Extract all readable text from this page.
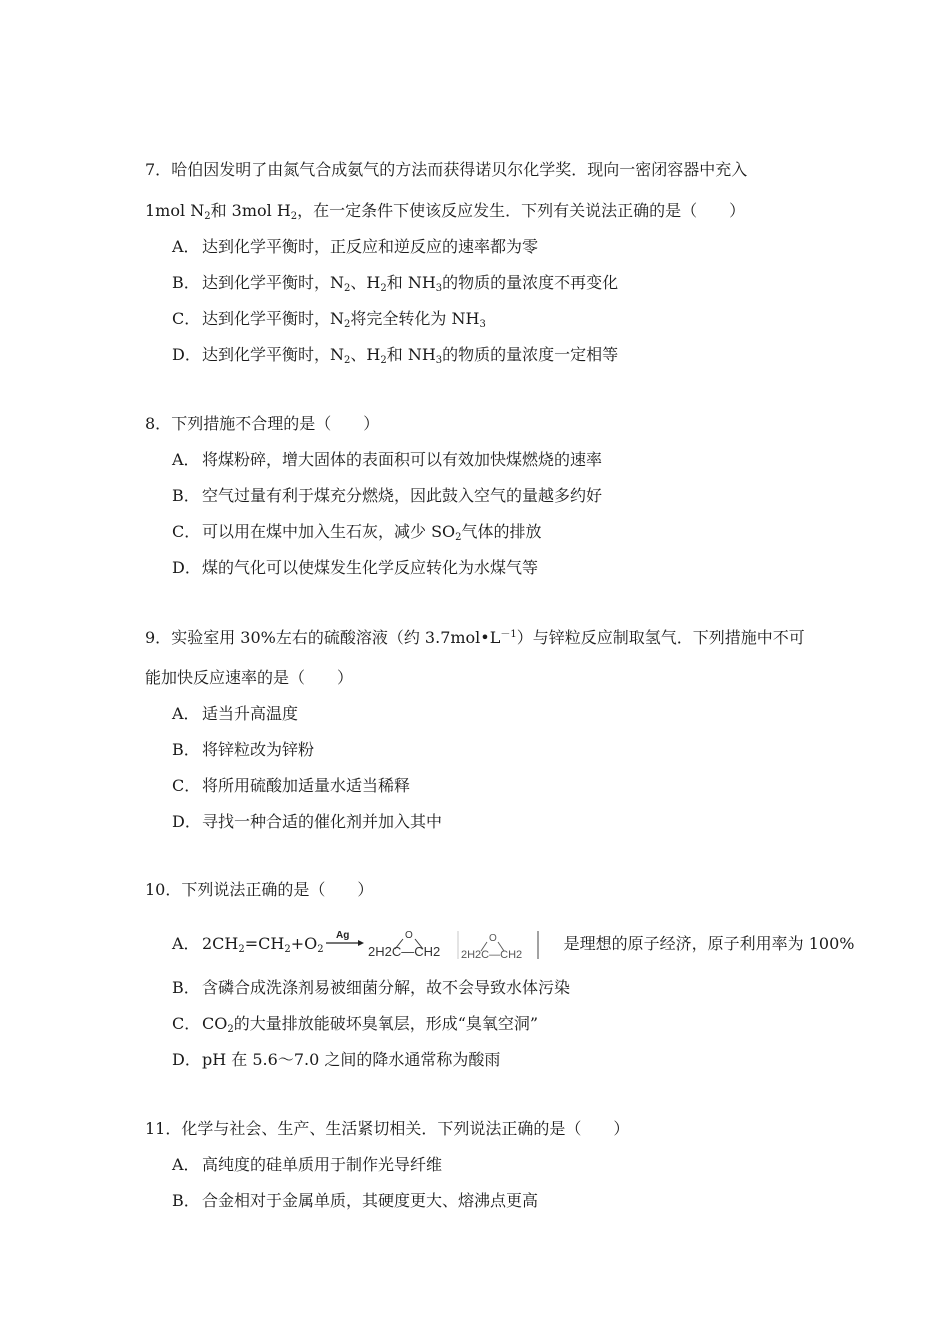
7．哈伯因发明了由氮气合成氨气的方法而获得诺贝尔化学奖．现向一密闭容器中充入
1mol $N_2$和 3mol $H_2$，在一定条件下使该反应发生．下列有关说法正确的是（　　）
A． 达到化学平衡时，正反应和逆反应的速率都为零
B． 达到化学平衡时，$N_2$、$H_2$和 $NH_3$的物质的量浓度不再变化
C． 达到化学平衡时，$N_2$将完全转化为 $NH_3$
D．达到化学平衡时，$N_2$、$H_2$和 $NH_3$的物质的量浓度一定相等
8．下列措施不合理的是（　　）
A． 将煤粉碎，增大固体的表面积可以有效加快煤燃烧的速率
B． 空气过量有利于煤充分燃烧，因此鼓入空气的量越多约好
C． 可以用在煤中加入生石灰，减少 $SO_2$气体的排放
D．煤的气化可以使煤发生化学反应转化为水煤气等
9．实验室用 30%左右的硫酸溶液（约 $3.7mol•L^{-1}$）与锌粒反应制取氢气．下列措施中不可
能加快反应速率的是（　　）
A． 适当升高温度
B． 将锌粒改为锌粉
C． 将所用硫酸加适量水适当稀释
D．寻找一种合适的催化剂并加入其中
10．下列说法正确的是（　　）
A． $2CH_2=CH_2+O_2$
Ag
2H2C—CH2
O
2H2C—CH2
O	是理想的原子经济，原子利用率为 100%
B． 含磷合成洗涤剂易被细菌分解，故不会导致水体污染
C． $CO_2$的大量排放能破坏臭氧层，形成“臭氧空洞”
D．pH 在 5.6～7.0 之间的降水通常称为酸雨
11．化学与社会、生产、生活紧切相关．下列说法正确的是（　　）
A． 高纯度的硅单质用于制作光导纤维
B． 合金相对于金属单质，其硬度更大、熔沸点更高
